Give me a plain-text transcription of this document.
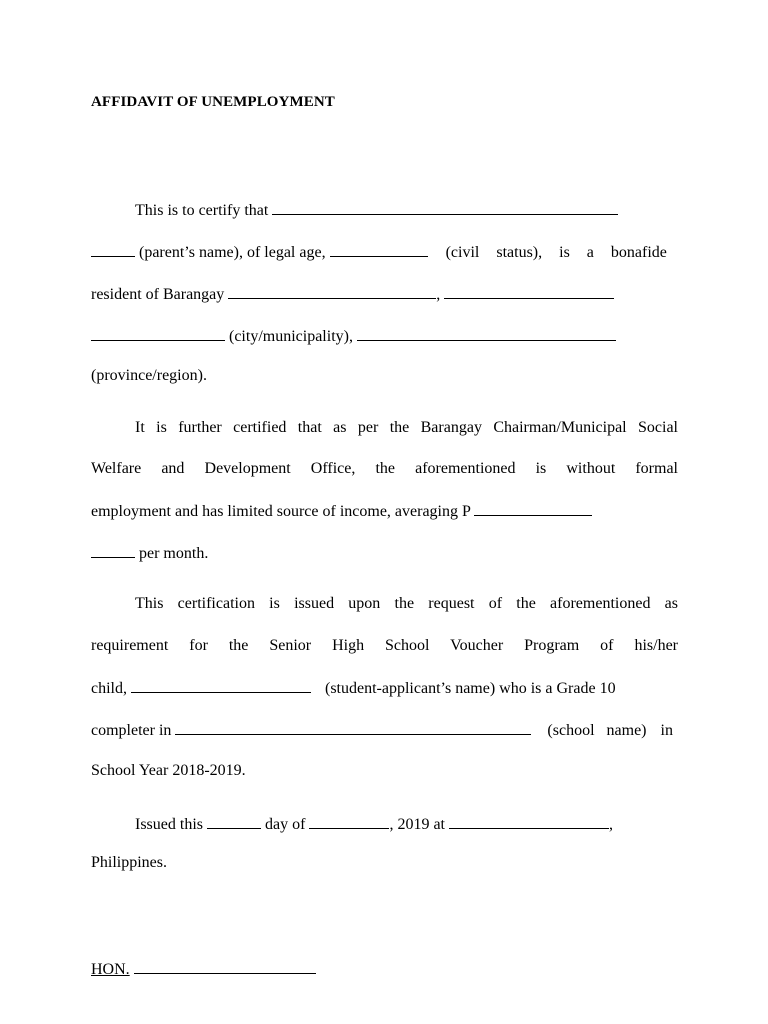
AFFIDAVIT OF UNEMPLOYMENT
This is to certify that
(parent’s name), of legal age,	(civil status), is a bonafide
resident of Barangay	,
(city/municipality),
(province/region).
It is further certified that as per the Barangay Chairman/Municipal Social
Welfare and Development Office, the aforementioned is without formal
employment and has limited source of income, averaging P
per month.
This certification is issued upon the request of the aforementioned as
requirement for the Senior High School Voucher Program of his/her
child,	(student-applicant’s name) who is a Grade 10
completer in	(school name) in
School Year 2018-2019.
Issued this	day of	, 2019 at	,
Philippines.
HON.
